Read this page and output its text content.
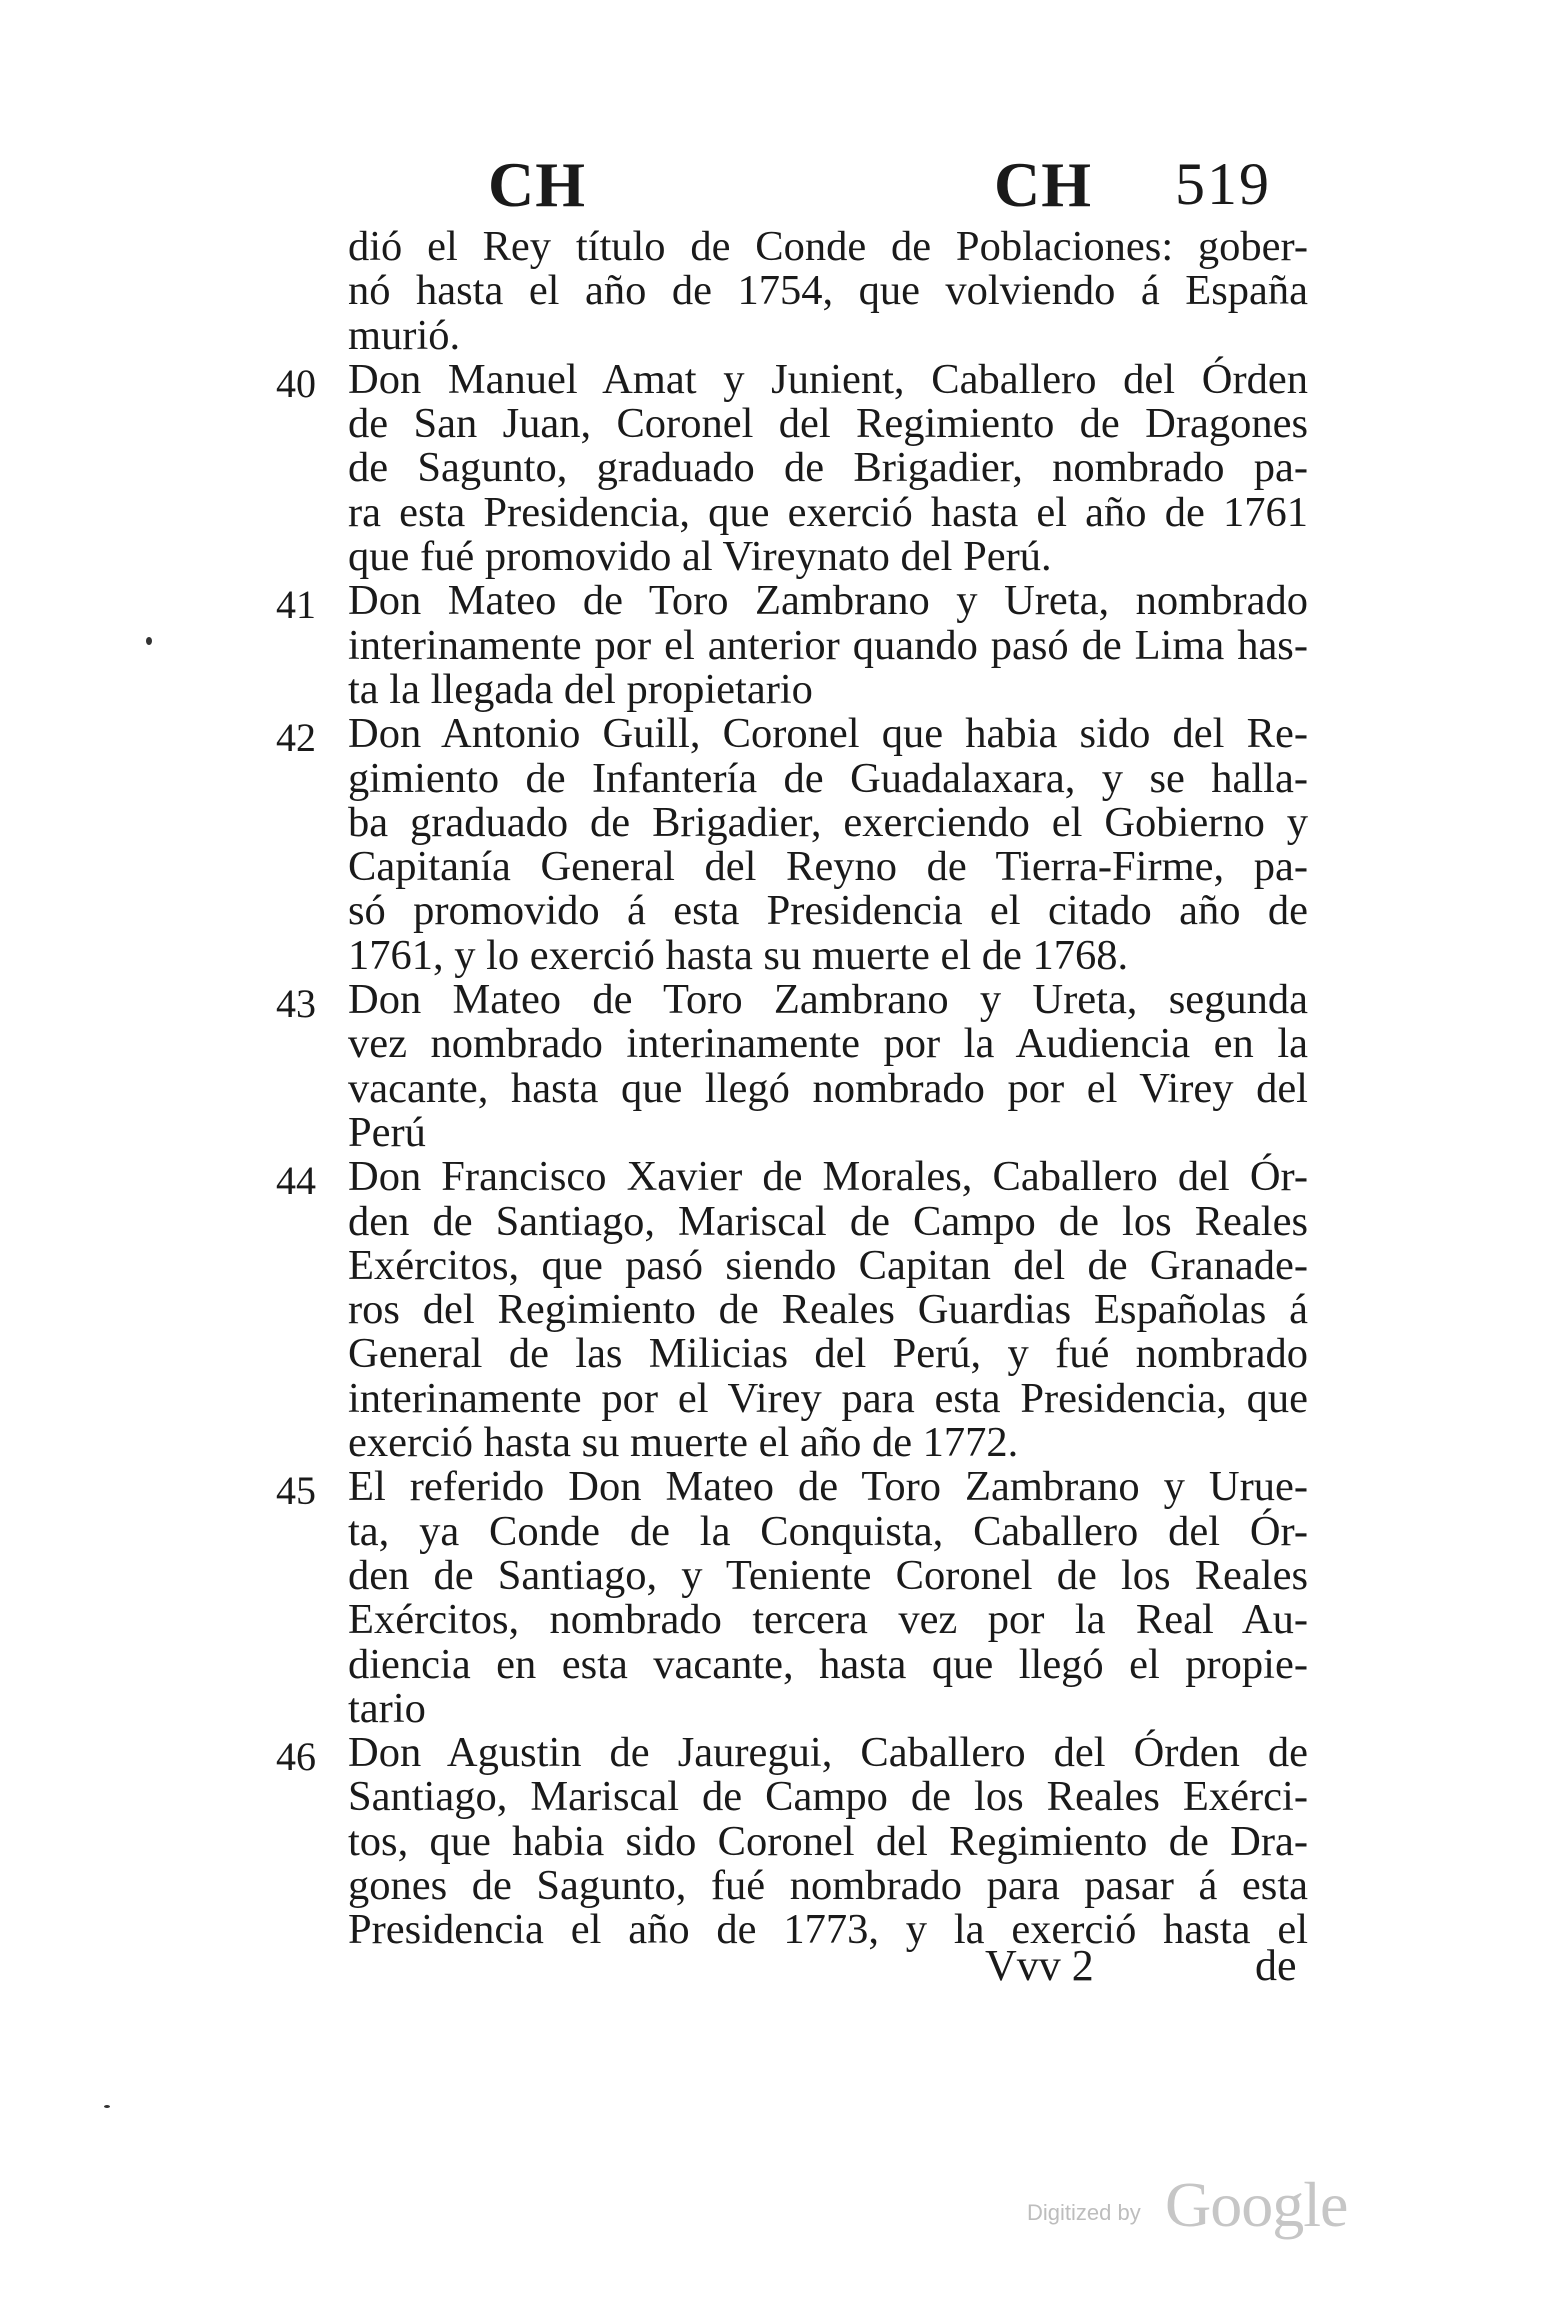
CH	CH 519
dió el Rey título de Conde de Poblaciones: gober-
nó hasta el año de 1754, que volviendo á España
murió.
Don Manuel Amat y Junient, Caballero del Órden
de San Juan, Coronel del Regimiento de Dragones
de Sagunto, graduado de Brigadier, nombrado pa-
ra esta Presidencia, que exerció hasta el año de 1761
que fué promovido al Vireynato del Perú.
Don Mateo de Toro Zambrano y Ureta, nombrado
interinamente por el anterior quando pasó de Lima has-
ta la llegada del propietario
Don Antonio Guill, Coronel que habia sido del Re-
gimiento de Infantería de Guadalaxara, y se halla-
ba graduado de Brigadier, exerciendo el Gobierno y
Capitanía General del Reyno de Tierra-Firme, pa-
só promovido á esta Presidencia el citado año de
1761, y lo exerció hasta su muerte el de 1768.
Don Mateo de Toro Zambrano y Ureta, segunda
vez nombrado interinamente por la Audiencia en la
vacante, hasta que llegó nombrado por el Virey del
Perú
Don Francisco Xavier de Morales, Caballero del Ór-
den de Santiago, Mariscal de Campo de los Reales
Exércitos, que pasó siendo Capitan del de Granade-
ros del Regimiento de Reales Guardias Españolas á
General de las Milicias del Perú, y fué nombrado
interinamente por el Virey para esta Presidencia, que
exerció hasta su muerte el año de 1772.
El referido Don Mateo de Toro Zambrano y Urue-
ta, ya Conde de la Conquista, Caballero del Ór-
den de Santiago, y Teniente Coronel de los Reales
Exércitos, nombrado tercera vez por la Real Au-
diencia en esta vacante, hasta que llegó el propie-
tario
Don Agustin de Jauregui, Caballero del Órden de
Santiago, Mariscal de Campo de los Reales Exérci-
tos, que habia sido Coronel del Regimiento de Dra-
gones de Sagunto, fué nombrado para pasar á esta
Presidencia el año de 1773, y la exerció hasta el
40
41
42
43
44
45
46
Vvv 2	de
Digitized by Google
